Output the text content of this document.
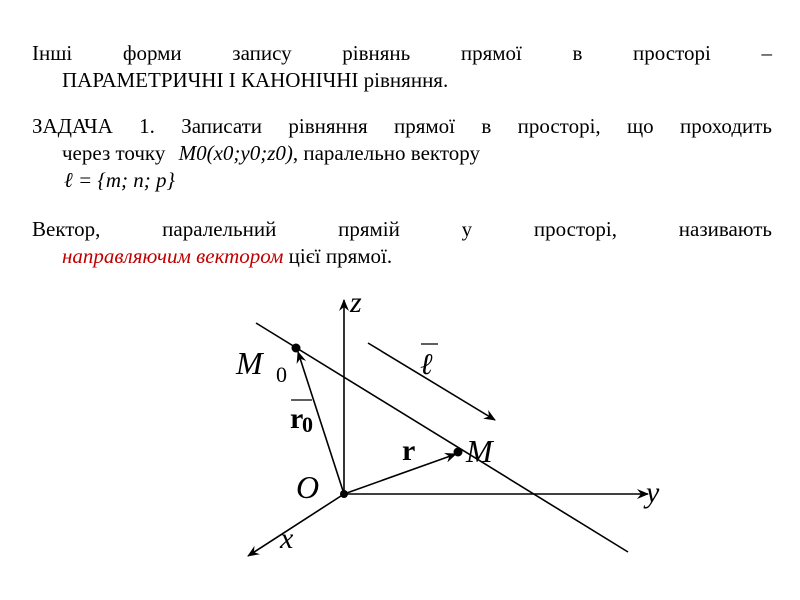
Інші форми запису рівнянь прямої в просторі –
ПАРАМЕТРИЧНІ І КАНОНІЧНІ рівняння.
ЗАДАЧА 1. Записати рівняння прямої в просторі, що проходить
через точку M0(x0;y0;z0), паралельно вектору
ℓ = {m; n; p}
Вектор, паралельний прямій у просторі, називають
направляючим вектором цієї прямої.
z
y
x
O
M 0
M
ℓ
r
0
r
